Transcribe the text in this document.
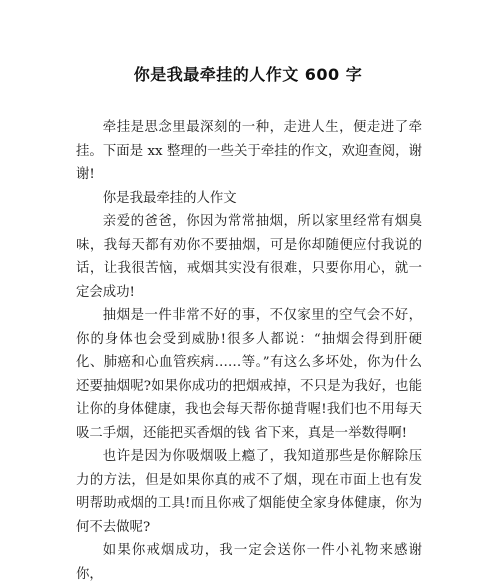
你是我最牵挂的人作文 600 字

牵挂是思念里最深刻的一种，走进人生，便走进了牵挂。下面是 xx 整理的一些关于牵挂的作文，欢迎查阅，谢谢!

你是我最牵挂的人作文

亲爱的爸爸，你因为常常抽烟，所以家里经常有烟臭味，我每天都有劝你不要抽烟，可是你却随便应付我说的话，让我很苦恼，戒烟其实没有很难，只要你用心，就一定会成功!

抽烟是一件非常不好的事，不仅家里的空气会不好，你的身体也会受到威胁!很多人都说：“抽烟会得到肝硬化、肺癌和心血管疾病……等。”有这么多坏处，你为什么还要抽烟呢?如果你成功的把烟戒掉，不只是为我好，也能让你的身体健康，我也会每天帮你搥背喔!我们也不用每天吸二手烟，还能把买香烟的钱 省下来，真是一举数得啊!

也许是因为你吸烟吸上瘾了，我知道那些是你解除压力的方法，但是如果你真的戒不了烟，现在市面上也有发明帮助戒烟的工具!而且你戒了烟能使全家身体健康，你为何不去做呢?

如果你戒烟成功，我一定会送你一件小礼物来感谢你，
